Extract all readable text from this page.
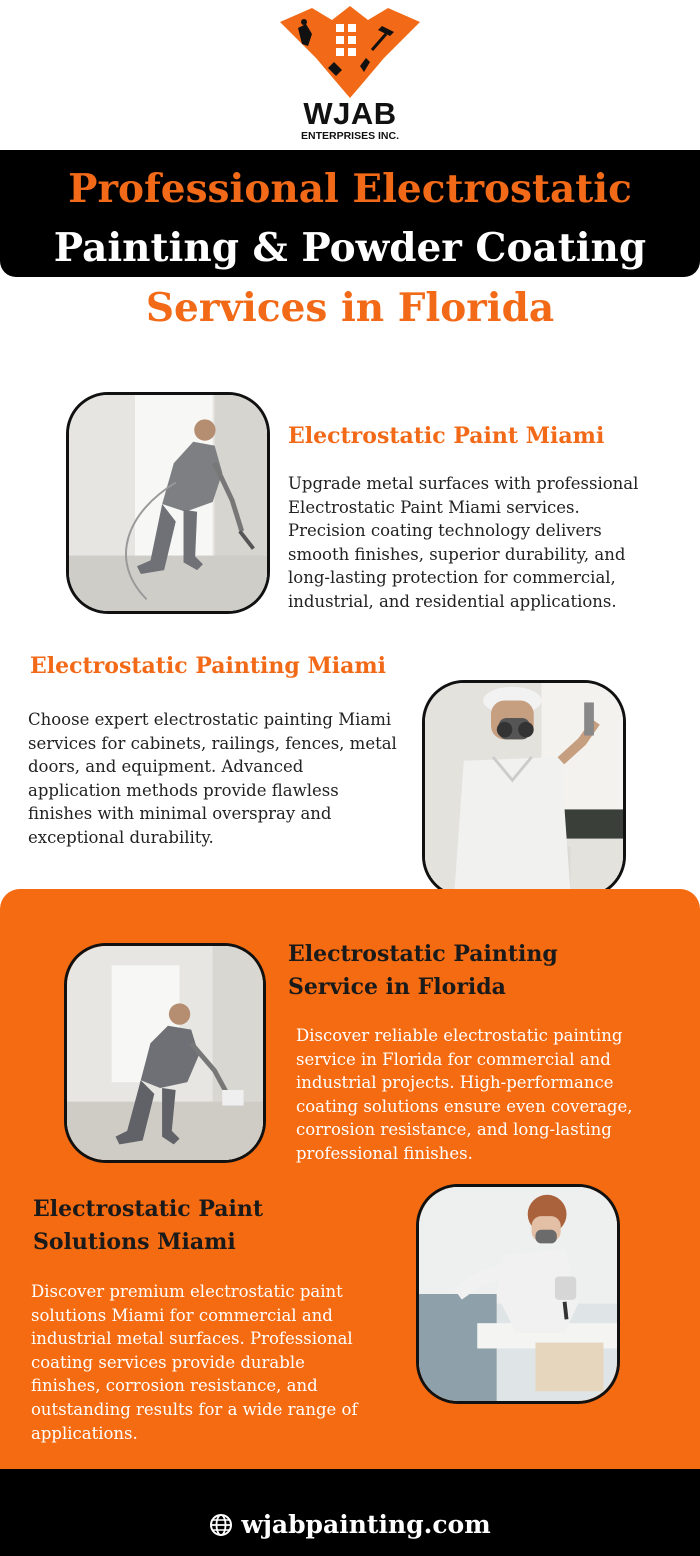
WJAB
ENTERPRISES INC.
Professional Electrostatic
Painting & Powder Coating
Services in Florida
Electrostatic Paint Miami
Upgrade metal surfaces with professional Electrostatic Paint Miami services. Precision coating technology delivers smooth finishes, superior durability, and long-lasting protection for commercial, industrial, and residential applications.
Electrostatic Painting Miami
Choose expert electrostatic painting Miami services for cabinets, railings, fences, metal doors, and equipment. Advanced application methods provide flawless finishes with minimal overspray and exceptional durability.
Electrostatic Painting Service in Florida
Discover reliable electrostatic painting service in Florida for commercial and industrial projects. High-performance coating solutions ensure even coverage, corrosion resistance, and long-lasting professional finishes.
Electrostatic Paint Solutions Miami
Discover premium electrostatic paint solutions Miami for commercial and industrial metal surfaces. Professional coating services provide durable finishes, corrosion resistance, and outstanding results for a wide range of applications.
wjabpainting.com
